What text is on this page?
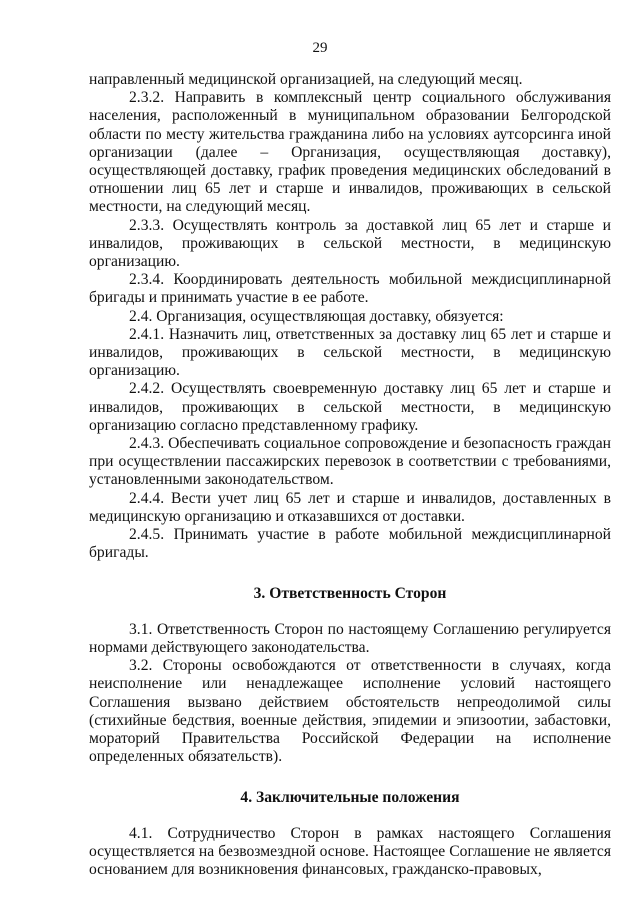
29

направленный медицинской организацией, на следующий месяц.

2.3.2. Направить в комплексный центр социального обслуживания населения, расположенный в муниципальном образовании Белгородской области по месту жительства гражданина либо на условиях аутсорсинга иной организации (далее – Организация, осуществляющая доставку), осуществляющей доставку, график проведения медицинских обследований в отношении лиц 65 лет и старше и инвалидов, проживающих в сельской местности, на следующий месяц.

2.3.3. Осуществлять контроль за доставкой лиц 65 лет и старше и инвалидов, проживающих в сельской местности, в медицинскую организацию.

2.3.4. Координировать деятельность мобильной междисциплинарной бригады и принимать участие в ее работе.

2.4. Организация, осуществляющая доставку, обязуется:

2.4.1. Назначить лиц, ответственных за доставку лиц 65 лет и старше и инвалидов, проживающих в сельской местности, в медицинскую организацию.

2.4.2. Осуществлять своевременную доставку лиц 65 лет и старше и инвалидов, проживающих в сельской местности, в медицинскую организацию согласно представленному графику.

2.4.3. Обеспечивать социальное сопровождение и безопасность граждан при осуществлении пассажирских перевозок в соответствии с требованиями, установленными законодательством.

2.4.4. Вести учет лиц 65 лет и старше и инвалидов, доставленных в медицинскую организацию и отказавшихся от доставки.

2.4.5. Принимать участие в работе мобильной междисциплинарной бригады.

3. Ответственность Сторон

3.1. Ответственность Сторон по настоящему Соглашению регулируется нормами действующего законодательства.

3.2. Стороны освобождаются от ответственности в случаях, когда неисполнение или ненадлежащее исполнение условий настоящего Соглашения вызвано действием обстоятельств непреодолимой силы (стихийные бедствия, военные действия, эпидемии и эпизоотии, забастовки, мораторий Правительства Российской Федерации на исполнение определенных обязательств).

4. Заключительные положения

4.1. Сотрудничество Сторон в рамках настоящего Соглашения осуществляется на безвозмездной основе. Настоящее Соглашение не является основанием для возникновения финансовых, гражданско-правовых,
